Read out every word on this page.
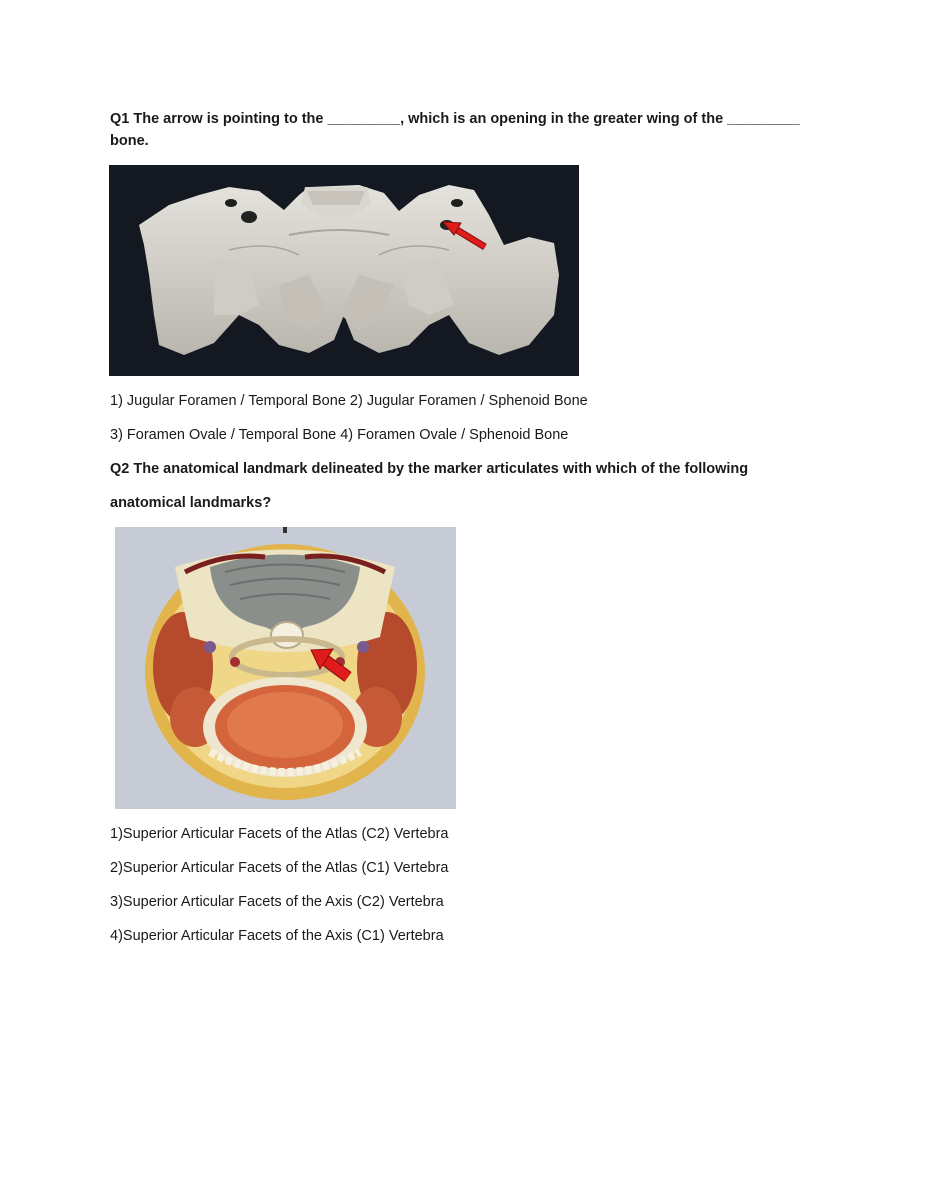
Q1 The arrow is pointing to the _________, which is an opening in the greater wing of the _________ bone.
1) Jugular Foramen / Temporal Bone 2) Jugular Foramen / Sphenoid Bone
3) Foramen Ovale / Temporal Bone 4) Foramen Ovale / Sphenoid Bone
Q2 The anatomical landmark delineated by the marker articulates with which of the following
anatomical landmarks?
1)Superior Articular Facets of the Atlas (C2) Vertebra
2)Superior Articular Facets of the Atlas (C1) Vertebra
3)Superior Articular Facets of the Axis (C2) Vertebra
4)Superior Articular Facets of the Axis (C1) Vertebra
